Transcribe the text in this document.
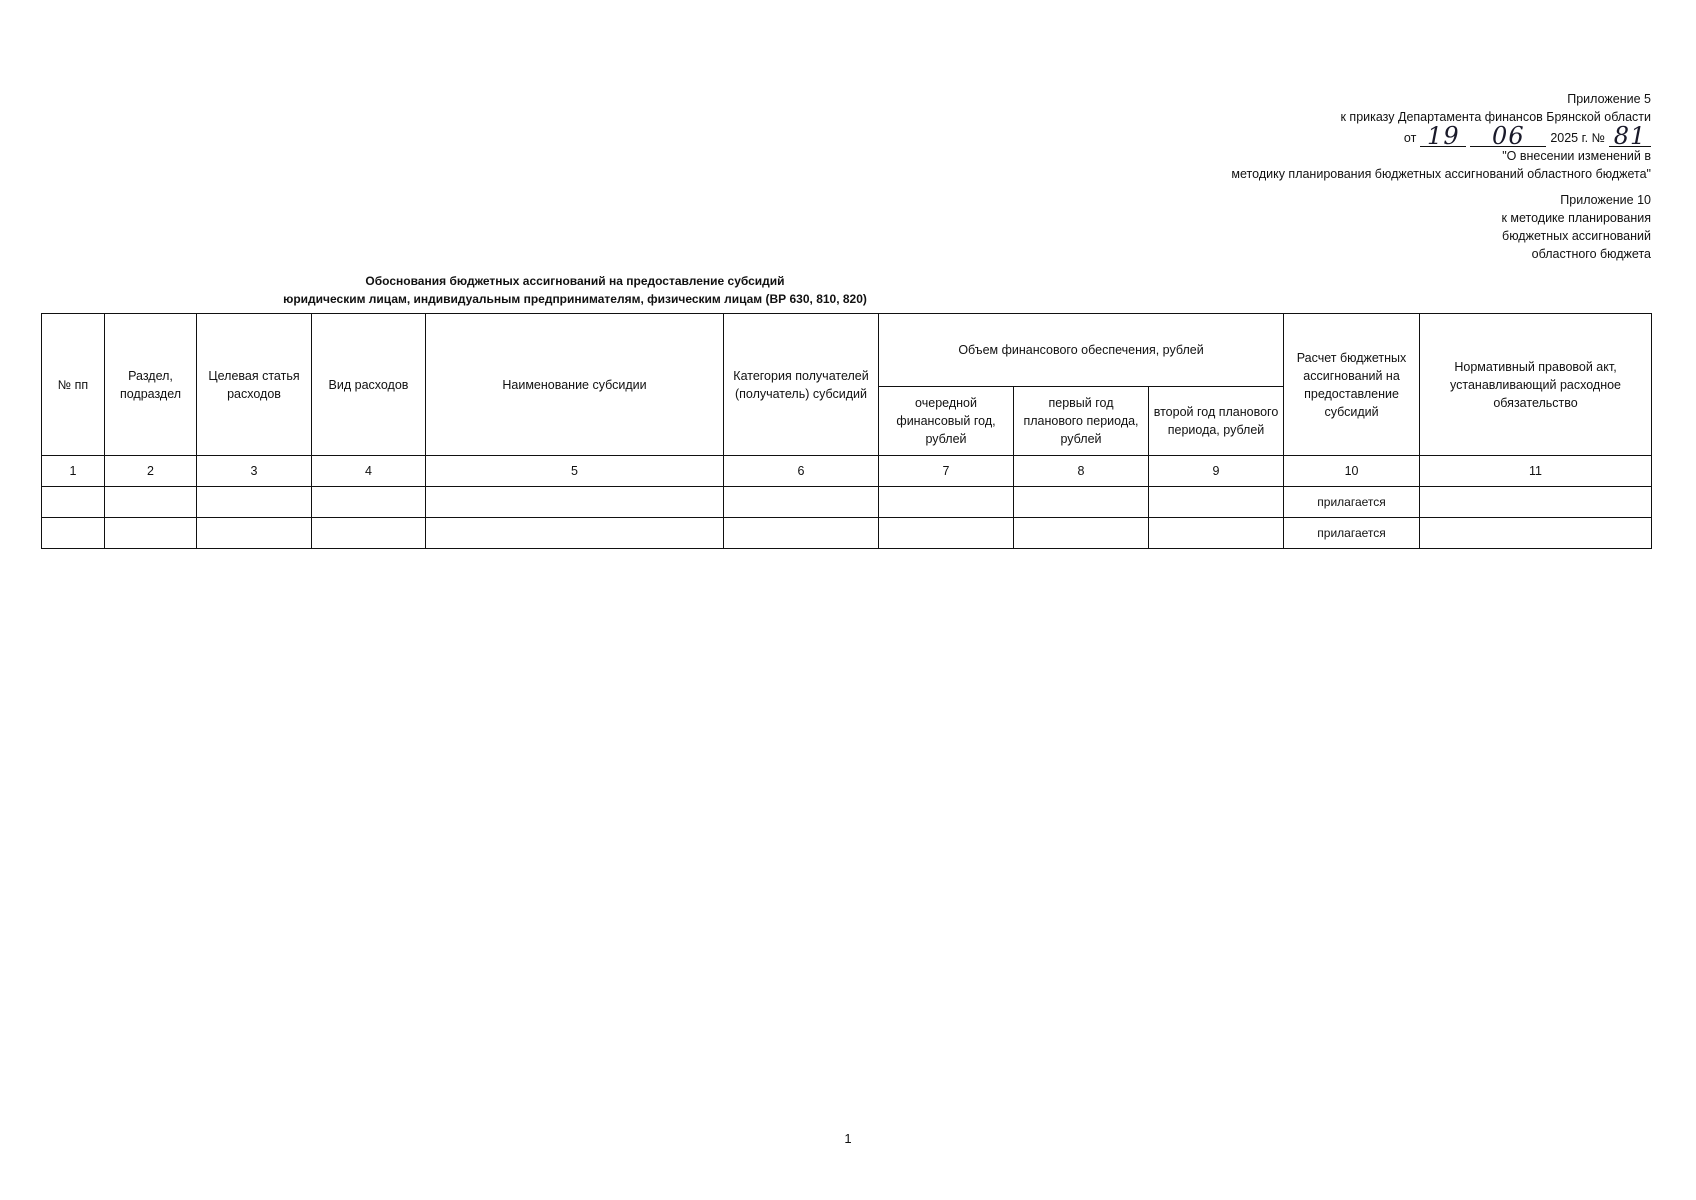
Приложение 5
к приказу Департамента финансов Брянской области
от 19	06	2025 г. № 81
"О внесении изменений в
методику планирования бюджетных ассигнований областного бюджета"
Приложение 10
к методике планирования
бюджетных ассигнований
областного бюджета
Обоснования бюджетных ассигнований на предоставление субсидий
юридическим лицам, индивидуальным предпринимателям, физическим лицам (ВР 630, 810, 820)
№ пп	Раздел, подраздел	Целевая статья расходов	Вид расходов	Наименование субсидии	Категория получателей (получатель) субсидий	Объем финансового обеспечения, рублей			Расчет бюджетных ассигнований на предоставление субсидий	Нормативный правовой акт, устанавливающий расходное обязательство
						очередной финансовый год, рублей	первый год планового периода, рублей	второй год планового периода, рублей		
1	2	3	4	5	6	7	8	9	10	11
									прилагается	
									прилагается	
1
